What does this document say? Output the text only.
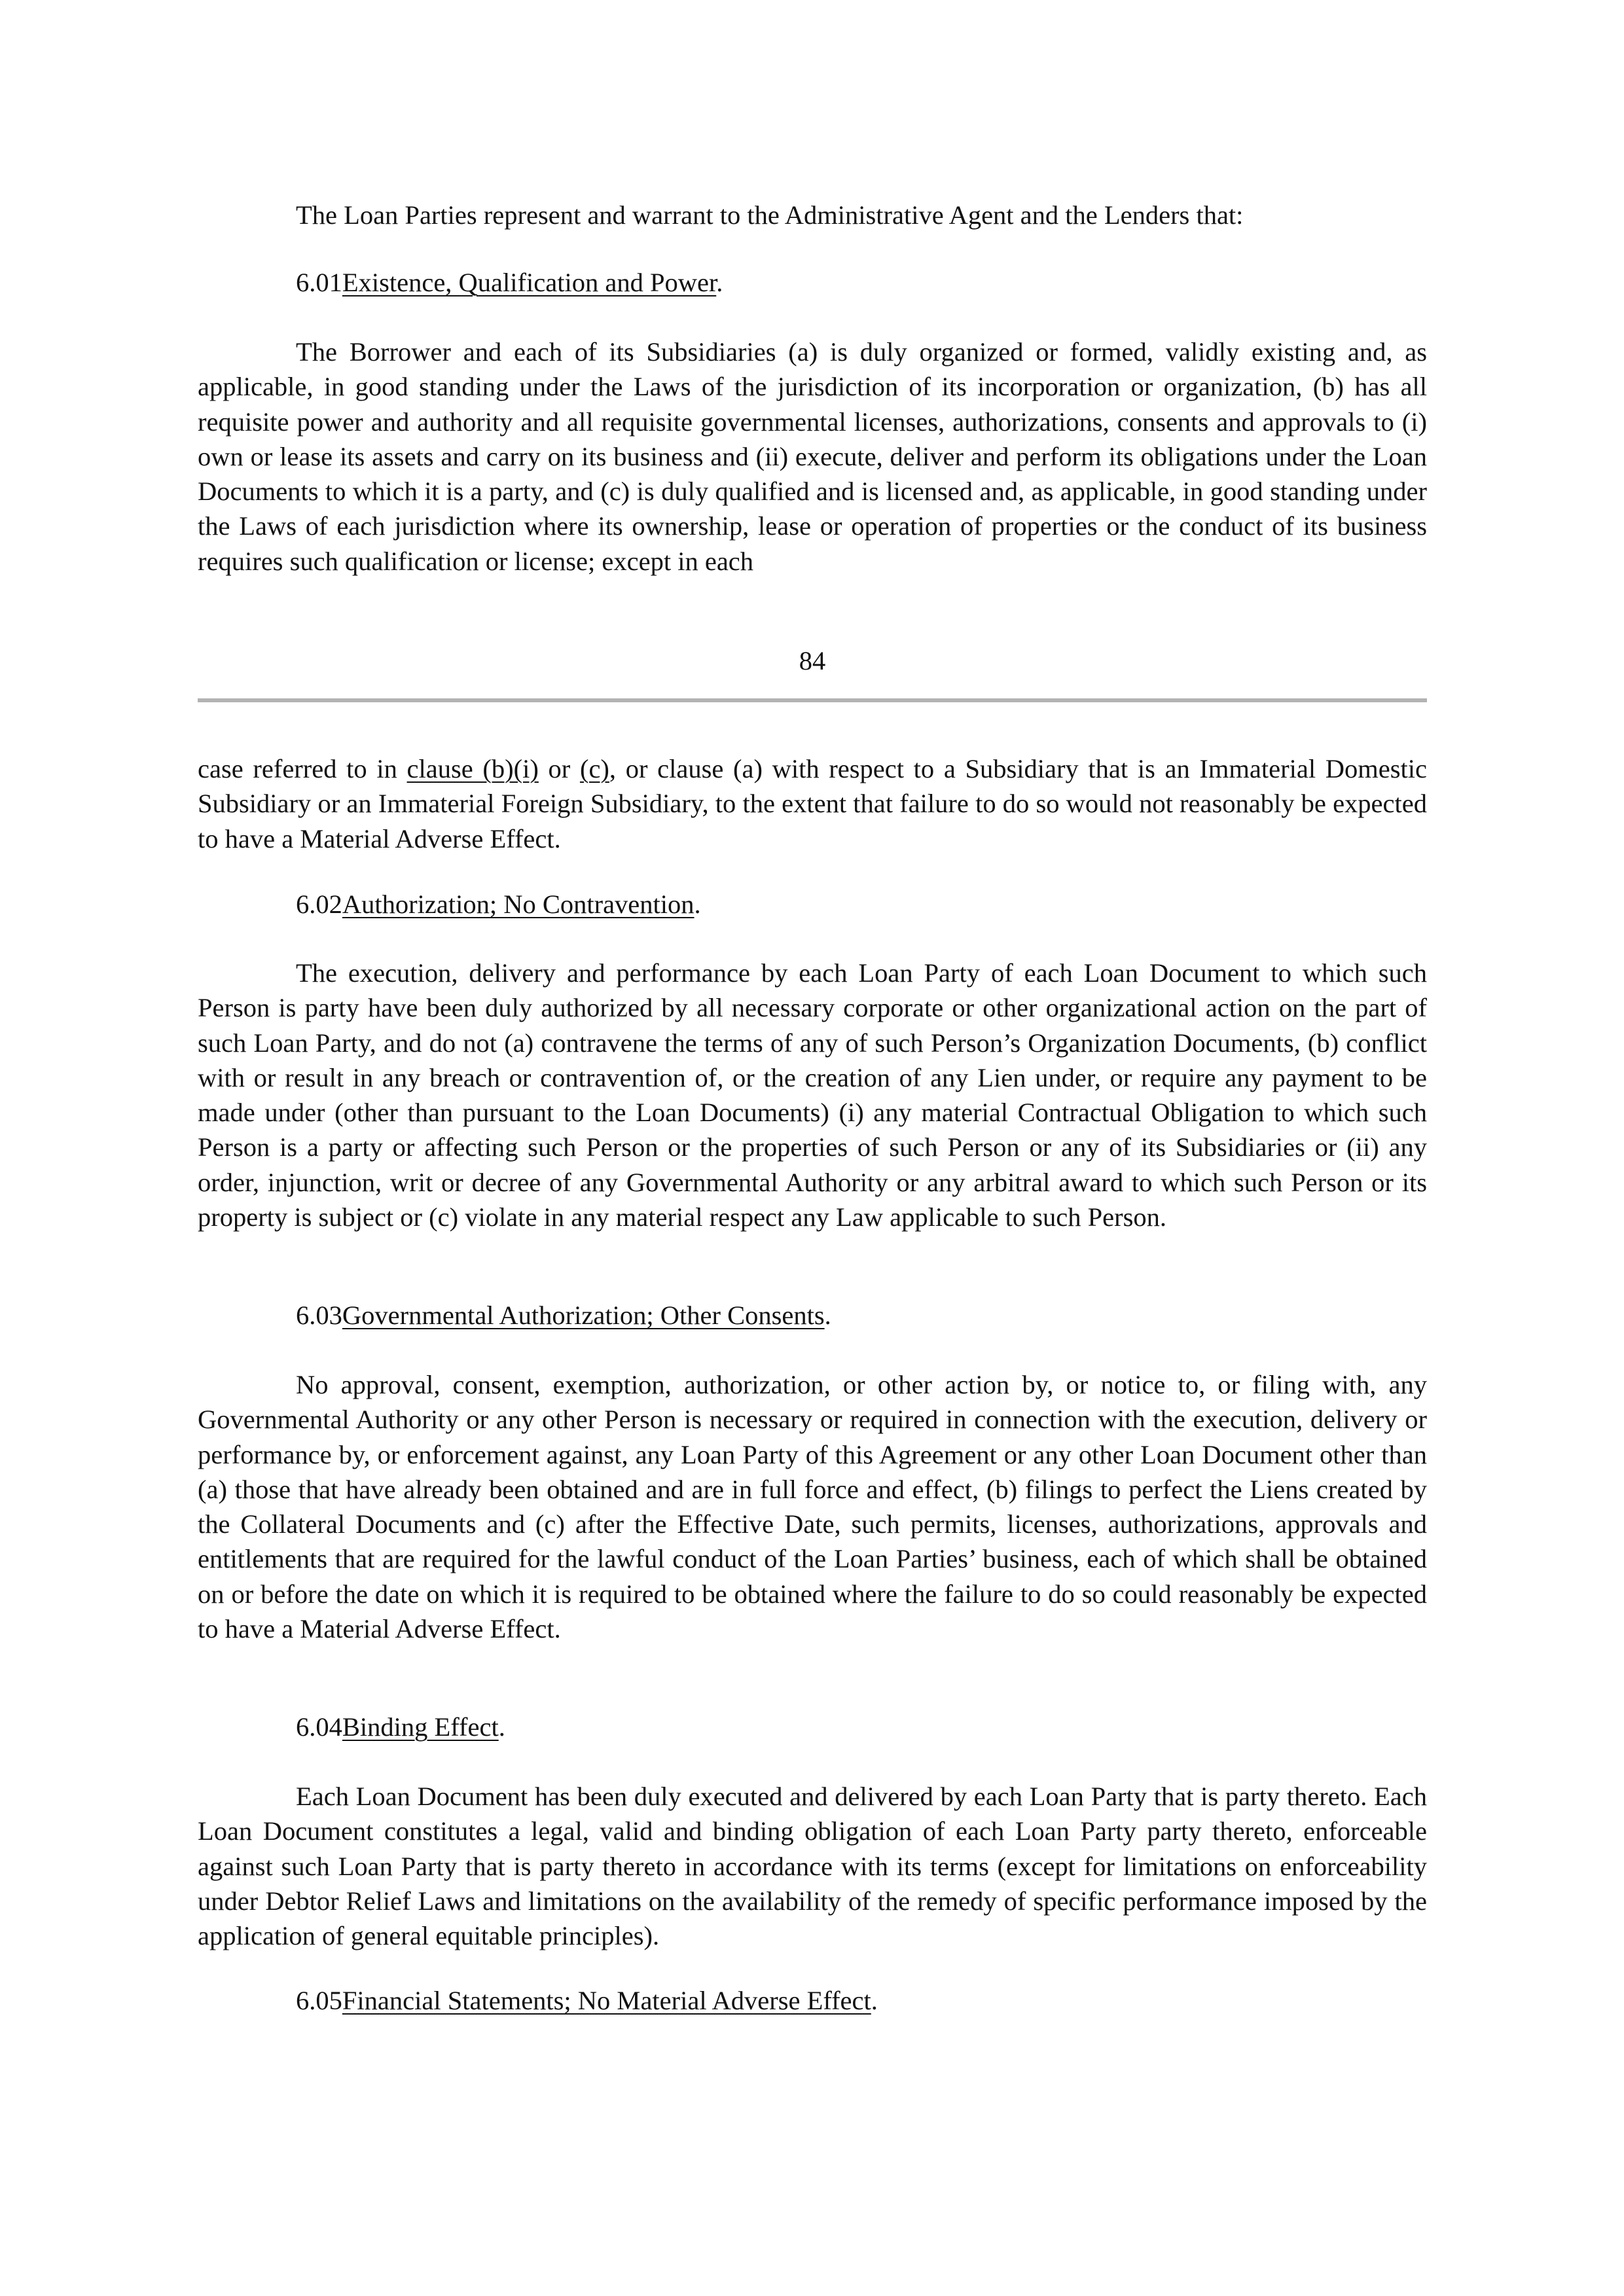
The Loan Parties represent and warrant to the Administrative Agent and the Lenders that:

6.01Existence, Qualification and Power.

The Borrower and each of its Subsidiaries (a) is duly organized or formed, validly existing and, as applicable, in good standing under the Laws of the jurisdiction of its incorporation or organization, (b) has all requisite power and authority and all requisite governmental licenses, authorizations, consents and approvals to (i) own or lease its assets and carry on its business and (ii) execute, deliver and perform its obligations under the Loan Documents to which it is a party, and (c) is duly qualified and is licensed and, as applicable, in good standing under the Laws of each jurisdiction where its ownership, lease or operation of properties or the conduct of its business requires such qualification or license; except in each

84

case referred to in clause (b)(i) or (c), or clause (a) with respect to a Subsidiary that is an Immaterial Domestic Subsidiary or an Immaterial Foreign Subsidiary, to the extent that failure to do so would not reasonably be expected to have a Material Adverse Effect.

6.02Authorization; No Contravention.

The execution, delivery and performance by each Loan Party of each Loan Document to which such Person is party have been duly authorized by all necessary corporate or other organizational action on the part of such Loan Party, and do not (a) contravene the terms of any of such Person’s Organization Documents, (b) conflict with or result in any breach or contravention of, or the creation of any Lien under, or require any payment to be made under (other than pursuant to the Loan Documents) (i) any material Contractual Obligation to which such Person is a party or affecting such Person or the properties of such Person or any of its Subsidiaries or (ii) any order, injunction, writ or decree of any Governmental Authority or any arbitral award to which such Person or its property is subject or (c) violate in any material respect any Law applicable to such Person.

6.03Governmental Authorization; Other Consents.

No approval, consent, exemption, authorization, or other action by, or notice to, or filing with, any Governmental Authority or any other Person is necessary or required in connection with the execution, delivery or performance by, or enforcement against, any Loan Party of this Agreement or any other Loan Document other than (a) those that have already been obtained and are in full force and effect, (b) filings to perfect the Liens created by the Collateral Documents and (c) after the Effective Date, such permits, licenses, authorizations, approvals and entitlements that are required for the lawful conduct of the Loan Parties’ business, each of which shall be obtained on or before the date on which it is required to be obtained where the failure to do so could reasonably be expected to have a Material Adverse Effect.

6.04Binding Effect.

Each Loan Document has been duly executed and delivered by each Loan Party that is party thereto. Each Loan Document constitutes a legal, valid and binding obligation of each Loan Party party thereto, enforceable against such Loan Party that is party thereto in accordance with its terms (except for limitations on enforceability under Debtor Relief Laws and limitations on the availability of the remedy of specific performance imposed by the application of general equitable principles).

6.05Financial Statements; No Material Adverse Effect.
